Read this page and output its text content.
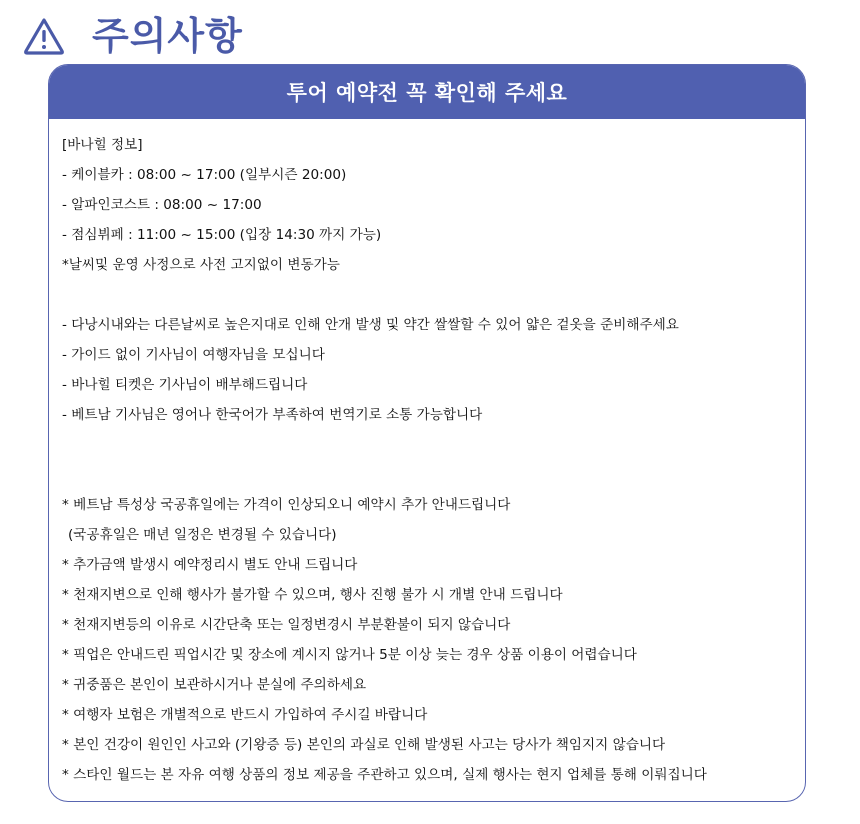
주의사항
투어 예약전 꼭 확인해 주세요
[바나힐 정보]
- 케이블카 : 08:00 ~ 17:00 (일부시즌 20:00)
- 알파인코스트 : 08:00 ~ 17:00
- 점심뷔페 : 11:00 ~ 15:00 (입장 14:30 까지 가능)
*날씨및 운영 사정으로 사전 고지없이 변동가능
- 다낭시내와는 다른날씨로 높은지대로 인해 안개 발생 및 약간 쌀쌀할 수 있어 얇은 겉옷을 준비해주세요
- 가이드 없이 기사님이 여행자님을 모십니다
- 바나힐 티켓은 기사님이 배부해드립니다
- 베트남 기사님은 영어나 한국어가 부족하여 번역기로 소통 가능합니다
* 베트남 특성상 국공휴일에는 가격이 인상되오니 예약시 추가 안내드립니다
(국공휴일은 매년 일정은 변경될 수 있습니다)
* 추가금액 발생시 예약정리시 별도 안내 드립니다
* 천재지변으로 인해 행사가 불가할 수 있으며, 행사 진행 불가 시 개별 안내 드립니다
* 천재지변등의 이유로 시간단축 또는 일정변경시 부분환불이 되지 않습니다
* 픽업은 안내드린 픽업시간 및 장소에 계시지 않거나 5분 이상 늦는 경우 상품 이용이 어렵습니다
* 귀중품은 본인이 보관하시거나 분실에 주의하세요
* 여행자 보험은 개별적으로 반드시 가입하여 주시길 바랍니다
* 본인 건강이 원인인 사고와 (기왕증 등) 본인의 과실로 인해 발생된 사고는 당사가 책임지지 않습니다
* 스타인 월드는 본 자유 여행 상품의 정보 제공을 주관하고 있으며, 실제 행사는 현지 업체를 통해 이뤄집니다
